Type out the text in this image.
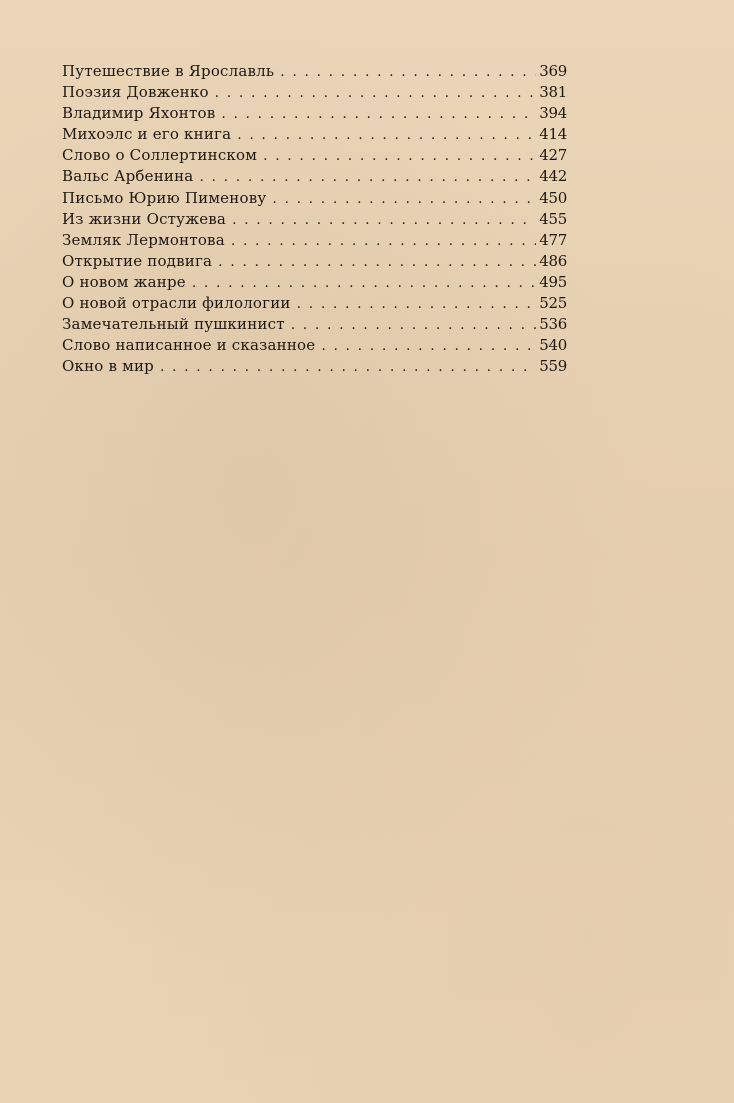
Путешествие в Ярославль . . .	369
Поэзия Довженко . . .	381
Владимир Яхонтов . . .	394
Михоэлс и его книга . . .	414
Слово о Соллертинском . . .	427
Вальс Арбенина . . .	442
Письмо Юрию Пименову . . .	450
Из жизни Остужева . . .	455
Земляк Лермонтова . . .	477
Открытие подвига . . .	486
О новом жанре . . .	495
О новой отрасли филологии . . .	525
Замечательный пушкинист . . .	536
Слово написанное и сказанное . . .	540
Окно в мир . . .	559
